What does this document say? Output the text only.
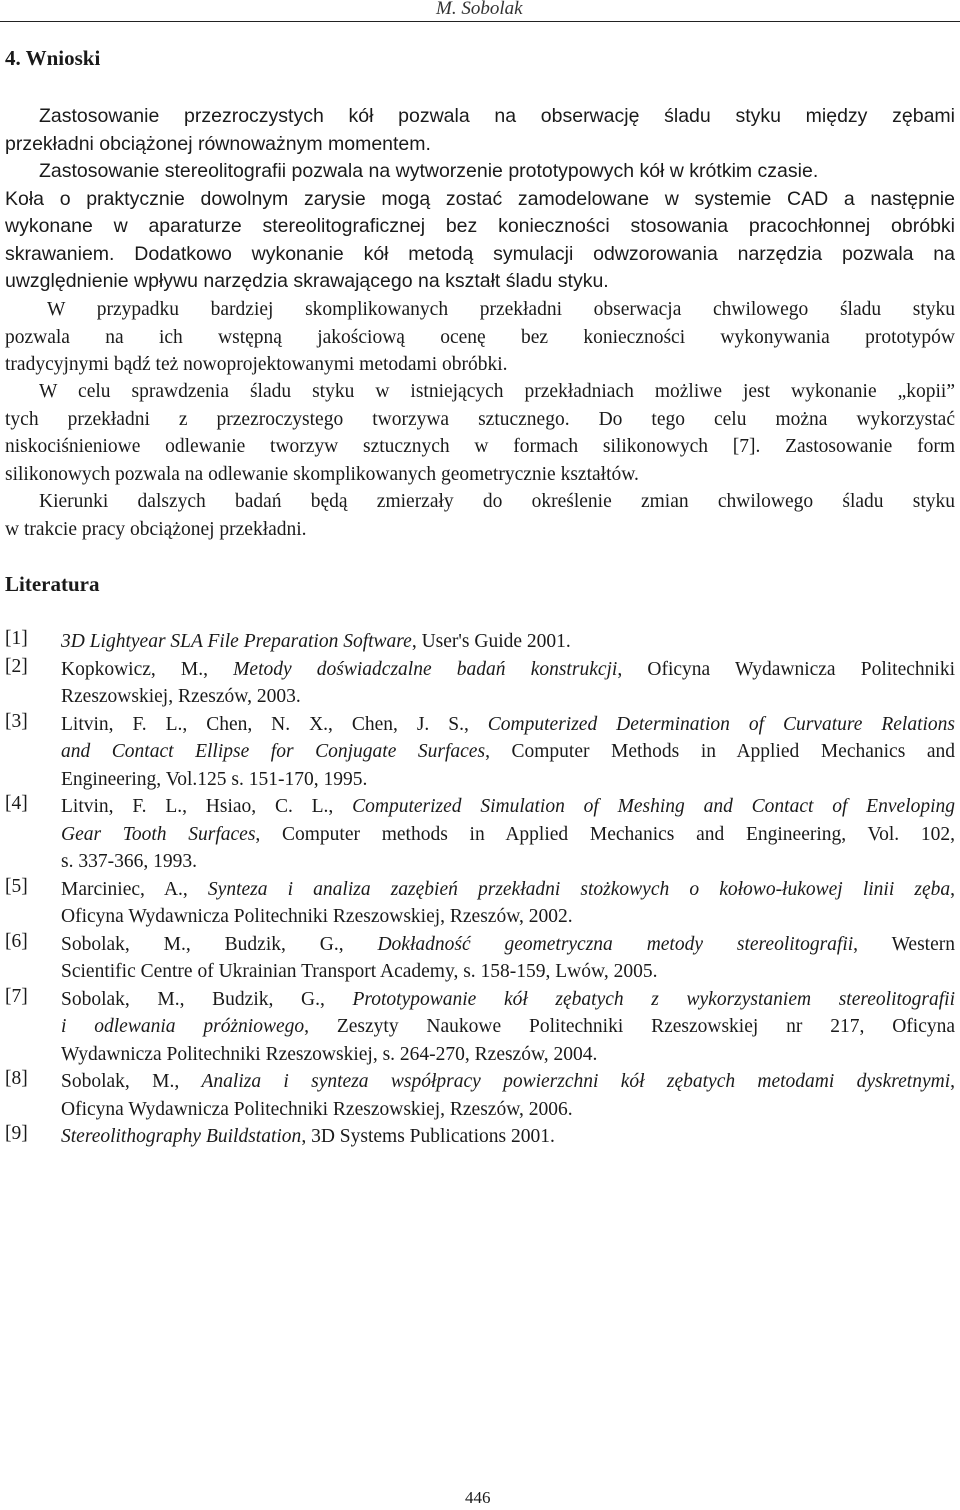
M. Sobolak
4. Wnioski

Zastosowanie przezroczystych kół pozwala na obserwację śladu styku między zębami
przekładni obciążonej równoważnym momentem.

Zastosowanie stereolitografii pozwala na wytworzenie prototypowych kół w krótkim czasie.
Koła o praktycznie dowolnym zarysie mogą zostać zamodelowane w systemie CAD a następnie
wykonane w aparaturze stereolitograficznej bez konieczności stosowania pracochłonnej obróbki
skrawaniem. Dodatkowo wykonanie kół metodą symulacji odwzorowania narzędzia pozwala na
uwzględnienie wpływu narzędzia skrawającego na kształt śladu styku.

W przypadku bardziej skomplikowanych przekładni obserwacja chwilowego śladu styku
pozwala na ich wstępną jakościową ocenę bez konieczności wykonywania prototypów
tradycyjnymi bądź też nowoprojektowanymi metodami obróbki.

W celu sprawdzenia śladu styku w istniejących przekładniach możliwe jest wykonanie „kopii”
tych przekładni z przezroczystego tworzywa sztucznego. Do tego celu można wykorzystać
niskociśnieniowe odlewanie tworzyw sztucznych w formach silikonowych [7]. Zastosowanie form
silikonowych pozwala na odlewanie skomplikowanych geometrycznie kształtów.

Kierunki dalszych badań będą zmierzały do określenie zmian chwilowego śladu styku
w trakcie pracy obciążonej przekładni.

Literatura
[1] 3D Lightyear SLA File Preparation Software, User's Guide 2001.
[2] Kopkowicz, M., Metody doświadczalne badań konstrukcji, Oficyna Wydawnicza Politechniki
Rzeszowskiej, Rzeszów, 2003.
[3] Litvin, F. L., Chen, N. X., Chen, J. S., Computerized Determination of Curvature Relations
and Contact Ellipse for Conjugate Surfaces, Computer Methods in Applied Mechanics and
Engineering, Vol.125 s. 151-170, 1995.
[4] Litvin, F. L., Hsiao, C. L., Computerized Simulation of Meshing and Contact of Enveloping
Gear Tooth Surfaces, Computer methods in Applied Mechanics and Engineering, Vol. 102,
s. 337-366, 1993.
[5] Marciniec, A., Synteza i analiza zazębień przekładni stożkowych o kołowo-łukowej linii zęba,
Oficyna Wydawnicza Politechniki Rzeszowskiej, Rzeszów, 2002.
[6] Sobolak, M., Budzik, G., Dokładność geometryczna metody stereolitografii, Western
Scientific Centre of Ukrainian Transport Academy, s. 158-159, Lwów, 2005.
[7] Sobolak, M., Budzik, G., Prototypowanie kół zębatych z wykorzystaniem stereolitografii
i odlewania próżniowego, Zeszyty Naukowe Politechniki Rzeszowskiej nr 217, Oficyna
Wydawnicza Politechniki Rzeszowskiej, s. 264-270, Rzeszów, 2004.
[8] Sobolak, M., Analiza i synteza współpracy powierzchni kół zębatych metodami dyskretnymi,
Oficyna Wydawnicza Politechniki Rzeszowskiej, Rzeszów, 2006.
[9] Stereolithography Buildstation, 3D Systems Publications 2001.
446
